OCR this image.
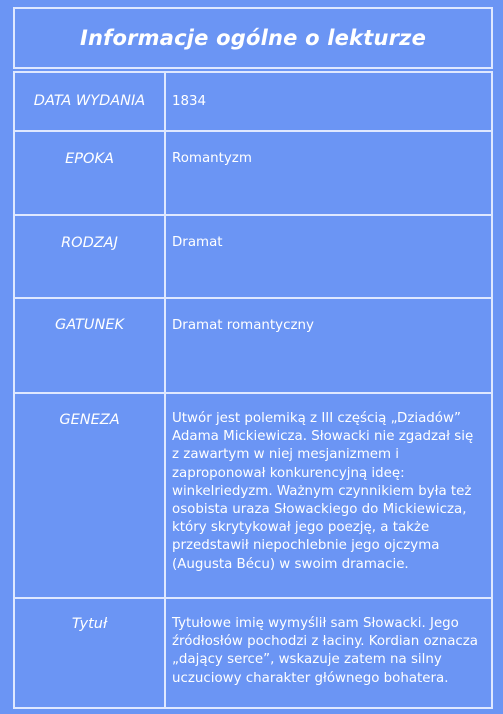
Informacje ogólne o lekturze
DATA WYDANIA	1834

EPOKA	Romantyzm

RODZAJ	Dramat

GATUNEK	Dramat romantyczny

GENEZA	Utwór jest polemiką z III częścią „Dziadów” Adama Mickiewicza. Słowacki nie zgadzał się z zawartym w niej mesjanizmem i zaproponował konkurencyjną ideę: winkelriedyzm. Ważnym czynnikiem była też osobista uraza Słowackiego do Mickiewicza, który skrytykował jego poezję, a także przedstawił niepochlebnie jego ojczyma (Augusta Bécu) w swoim dramacie.

Tytuł	Tytułowe imię wymyślił sam Słowacki. Jego źródłosłów pochodzi z łaciny. Kordian oznacza „dający serce”, wskazuje zatem na silny uczuciowy charakter głównego bohatera.
